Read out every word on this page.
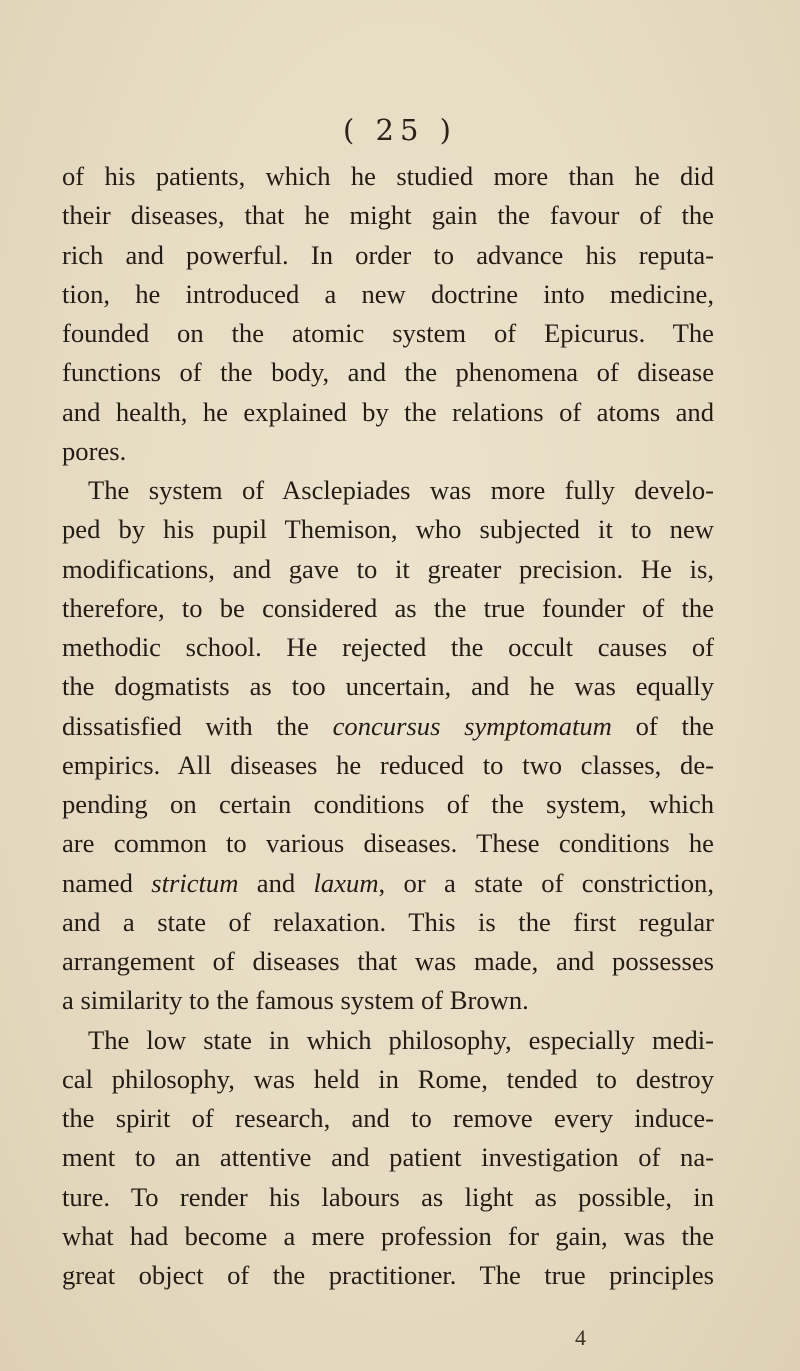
( 25 )
of his patients, which he studied more than he did
their diseases, that he might gain the favour of the
rich and powerful. In order to advance his reputa-
tion, he introduced a new doctrine into medicine,
founded on the atomic system of Epicurus. The
functions of the body, and the phenomena of disease
and health, he explained by the relations of atoms and
pores.
The system of Asclepiades was more fully develo-
ped by his pupil Themison, who subjected it to new
modifications, and gave to it greater precision. He is,
therefore, to be considered as the true founder of the
methodic school. He rejected the occult causes of
the dogmatists as too uncertain, and he was equally
dissatisfied with the concursus symptomatum of the
empirics. All diseases he reduced to two classes, de-
pending on certain conditions of the system, which
are common to various diseases. These conditions he
named strictum and laxum, or a state of constriction,
and a state of relaxation. This is the first regular
arrangement of diseases that was made, and possesses
a similarity to the famous system of Brown.
The low state in which philosophy, especially medi-
cal philosophy, was held in Rome, tended to destroy
the spirit of research, and to remove every induce-
ment to an attentive and patient investigation of na-
ture. To render his labours as light as possible, in
what had become a mere profession for gain, was the
great object of the practitioner. The true principles
4
